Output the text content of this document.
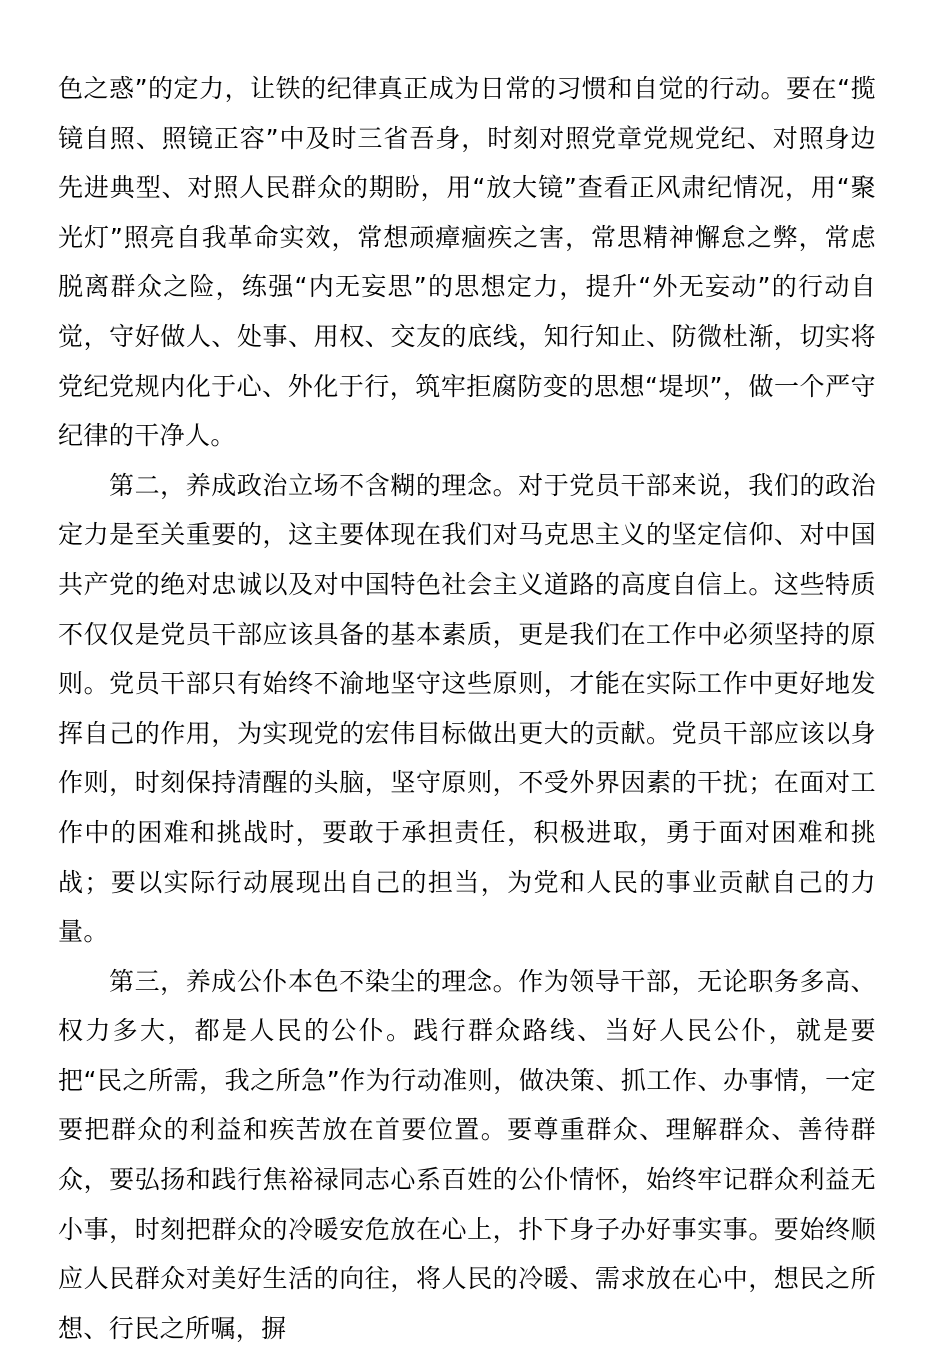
色之惑”的定力，让铁的纪律真正成为日常的习惯和自觉的行动。要在“揽镜自照、照镜正容”中及时三省吾身，时刻对照党章党规党纪、对照身边先进典型、对照人民群众的期盼，用“放大镜”查看正风肃纪情况，用“聚光灯”照亮自我革命实效，常想顽瘴痼疾之害，常思精神懈怠之弊，常虑脱离群众之险，练强“内无妄思”的思想定力，提升“外无妄动”的行动自觉，守好做人、处事、用权、交友的底线，知行知止、防微杜渐，切实将党纪党规内化于心、外化于行，筑牢拒腐防变的思想“堤坝”，做一个严守纪律的干净人。

第二，养成政治立场不含糊的理念。对于党员干部来说，我们的政治定力是至关重要的，这主要体现在我们对马克思主义的坚定信仰、对中国共产党的绝对忠诚以及对中国特色社会主义道路的高度自信上。这些特质不仅仅是党员干部应该具备的基本素质，更是我们在工作中必须坚持的原则。党员干部只有始终不渝地坚守这些原则，才能在实际工作中更好地发挥自己的作用，为实现党的宏伟目标做出更大的贡献。党员干部应该以身作则，时刻保持清醒的头脑，坚守原则，不受外界因素的干扰；在面对工作中的困难和挑战时，要敢于承担责任，积极进取，勇于面对困难和挑战；要以实际行动展现出自己的担当，为党和人民的事业贡献自己的力量。

第三，养成公仆本色不染尘的理念。作为领导干部，无论职务多高、权力多大，都是人民的公仆。践行群众路线、当好人民公仆，就是要把“民之所需，我之所急”作为行动准则，做决策、抓工作、办事情，一定要把群众的利益和疾苦放在首要位置。要尊重群众、理解群众、善待群众，要弘扬和践行焦裕禄同志心系百姓的公仆情怀，始终牢记群众利益无小事，时刻把群众的冷暖安危放在心上，扑下身子办好事实事。要始终顺应人民群众对美好生活的向往，将人民的冷暖、需求放在心中，想民之所想、行民之所嘱，摒
